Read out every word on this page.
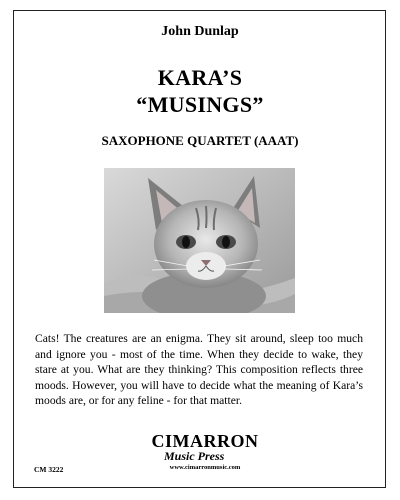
John Dunlap
KARA’S
“MUSINGS”
SAXOPHONE QUARTET (AAAT)
Cats! The creatures are an enigma. They sit around, sleep too much and ignore you - most of the time. When they decide to wake, they stare at you. What are they thinking? This composition reflects three moods. However, you will have to decide what the meaning of Kara’s moods are, or for any feline - for that matter.
CM 3222
CIMARRON
Music Press
www.cimarronmusic.com
